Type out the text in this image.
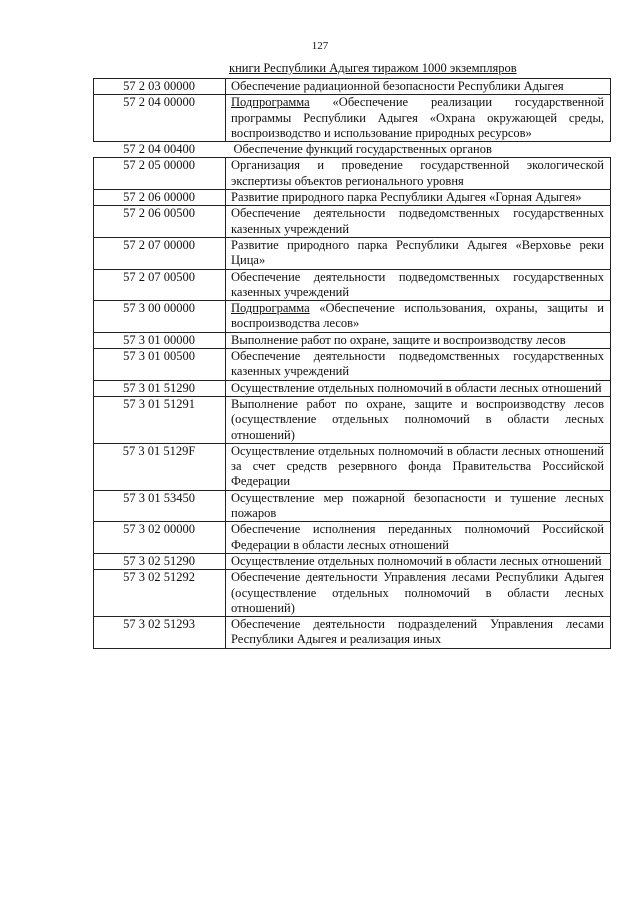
127
книги Республики Адыгея тиражом 1000 экземпляров
57 2 03 00000	Обеспечение радиационной безопасности Республики Адыгея
57 2 04 00000	Подпрограмма «Обеспечение реализации государственной программы Республики Адыгея «Охрана окружающей среды, воспроизводство и использование природных ресурсов»
57 2 04 00400	Обеспечение функций государственных органов
57 2 05 00000	Организация и проведение государственной экологической экспертизы объектов регионального уровня
57 2 06 00000	Развитие природного парка Республики Адыгея «Горная Адыгея»
57 2 06 00500	Обеспечение деятельности подведомственных государственных казенных учреждений
57 2 07 00000	Развитие природного парка Республики Адыгея «Верховье реки Цица»
57 2 07 00500	Обеспечение деятельности подведомственных государственных казенных учреждений
57 3 00 00000	Подпрограмма «Обеспечение использования, охраны, защиты и воспроизводства лесов»
57 3 01 00000	Выполнение работ по охране, защите и воспроизводству лесов
57 3 01 00500	Обеспечение деятельности подведомственных государственных казенных учреждений
57 3 01 51290	Осуществление отдельных полномочий в области лесных отношений
57 3 01 51291	Выполнение работ по охране, защите и воспроизводству лесов (осуществление отдельных полномочий в области лесных отношений)
57 3 01 5129F	Осуществление отдельных полномочий в области лесных отношений за счет средств резервного фонда Правительства Российской Федерации
57 3 01 53450	Осуществление мер пожарной безопасности и тушение лесных пожаров
57 3 02 00000	Обеспечение исполнения переданных полномочий Российской Федерации в области лесных отношений
57 3 02 51290	Осуществление отдельных полномочий в области лесных отношений
57 3 02 51292	Обеспечение деятельности Управления лесами Республики Адыгея (осуществление отдельных полномочий в области лесных отношений)
57 3 02 51293	Обеспечение деятельности подразделений Управления лесами Республики Адыгея и реализация иных
